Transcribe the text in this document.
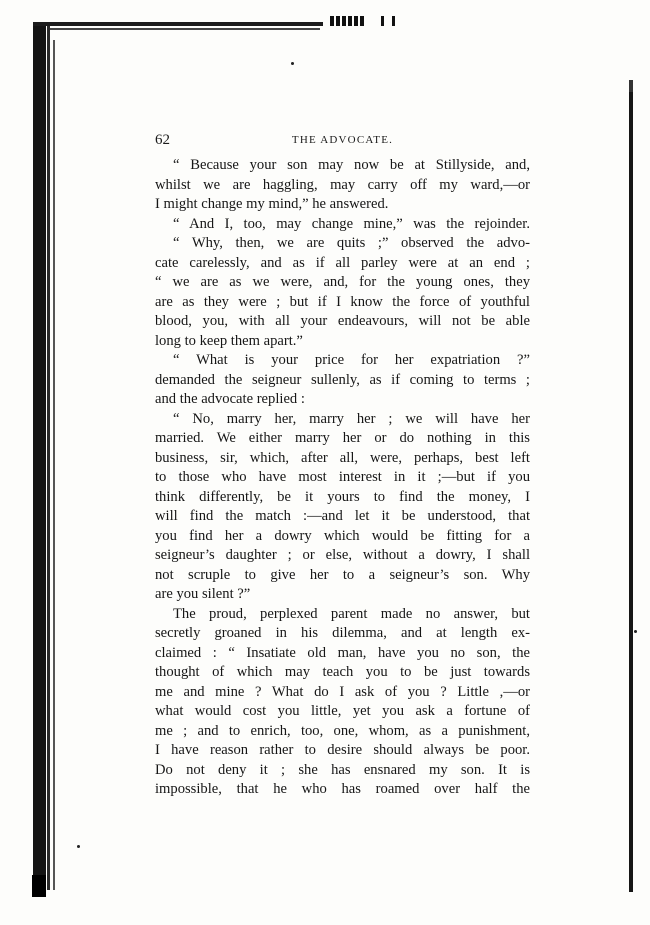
62	THE ADVOCATE.
“ Because your son may now be at Stillyside, and,
whilst we are haggling, may carry off my ward,—or
I might change my mind,” he answered.
“ And I, too, may change mine,” was the rejoinder.
“ Why, then, we are quits ;” observed the advo-
cate carelessly, and as if all parley were at an end ;
“ we are as we were, and, for the young ones, they
are as they were ; but if I know the force of youthful
blood, you, with all your endeavours, will not be able
long to keep them apart.”
“ What is your price for her expatriation ?”
demanded the seigneur sullenly, as if coming to terms ;
and the advocate replied :
“ No, marry her, marry her ; we will have her
married. We either marry her or do nothing in this
business, sir, which, after all, were, perhaps, best left
to those who have most interest in it ;—but if you
think differently, be it yours to find the money, I
will find the match :—and let it be understood, that
you find her a dowry which would be fitting for a
seigneur’s daughter ; or else, without a dowry, I shall
not scruple to give her to a seigneur’s son. Why
are you silent ?”
The proud, perplexed parent made no answer, but
secretly groaned in his dilemma, and at length ex-
claimed : “ Insatiate old man, have you no son, the
thought of which may teach you to be just towards
me and mine ? What do I ask of you ? Little ,—or
what would cost you little, yet you ask a fortune of
me ; and to enrich, too, one, whom, as a punishment,
I have reason rather to desire should always be poor.
Do not deny it ; she has ensnared my son. It is
impossible, that he who has roamed over half the
